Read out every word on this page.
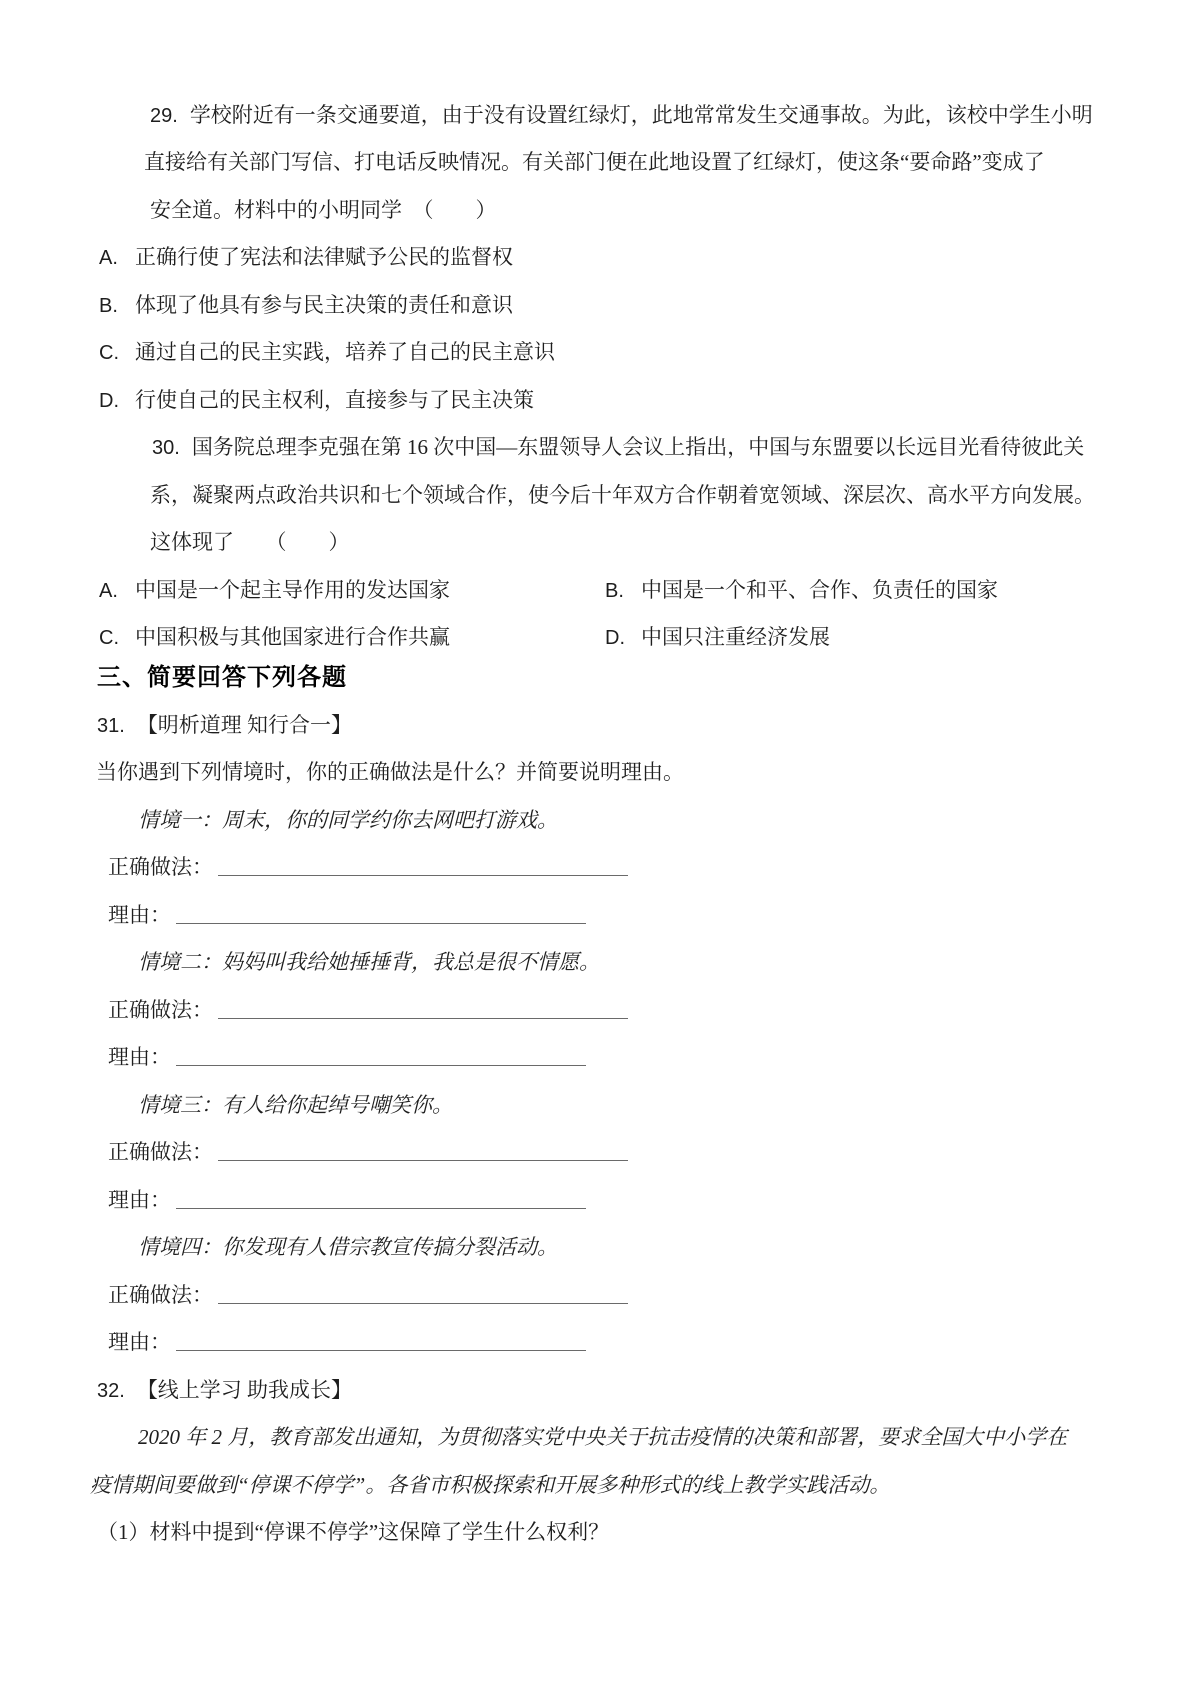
29. 学校附近有一条交通要道，由于没有设置红绿灯，此地常常发生交通事故。为此，该校中学生小明
直接给有关部门写信、打电话反映情况。有关部门便在此地设置了红绿灯，使这条“要命路”变成了
安全道。材料中的小明同学　（　　）
A. 正确行使了宪法和法律赋予公民的监督权
B. 体现了他具有参与民主决策的责任和意识
C. 通过自己的民主实践，培养了自己的民主意识
D. 行使自己的民主权利，直接参与了民主决策
30. 国务院总理李克强在第 16 次中国—东盟领导人会议上指出，中国与东盟要以长远目光看待彼此关
系，凝聚两点政治共识和七个领域合作，使今后十年双方合作朝着宽领域、深层次、高水平方向发展。
这体现了　　（　　）
A. 中国是一个起主导作用的发达国家	B. 中国是一个和平、合作、负责任的国家
C. 中国积极与其他国家进行合作共赢	D. 中国只注重经济发展
三、简要回答下列各题
31. 【明析道理 知行合一】
当你遇到下列情境时，你的正确做法是什么？并简要说明理由。
情境一：周末，你的同学约你去网吧打游戏。
正确做法：
理由：
情境二：妈妈叫我给她捶捶背，我总是很不情愿。
正确做法：
理由：
情境三：有人给你起绰号嘲笑你。
正确做法：
理由：
情境四：你发现有人借宗教宣传搞分裂活动。
正确做法：
理由：
32. 【线上学习 助我成长】
2020 年 2 月，教育部发出通知，为贯彻落实党中央关于抗击疫情的决策和部署，要求全国大中小学在
疫情期间要做到“停课不停学”。各省市积极探索和开展多种形式的线上教学实践活动。
（1）材料中提到“停课不停学”这保障了学生什么权利？
